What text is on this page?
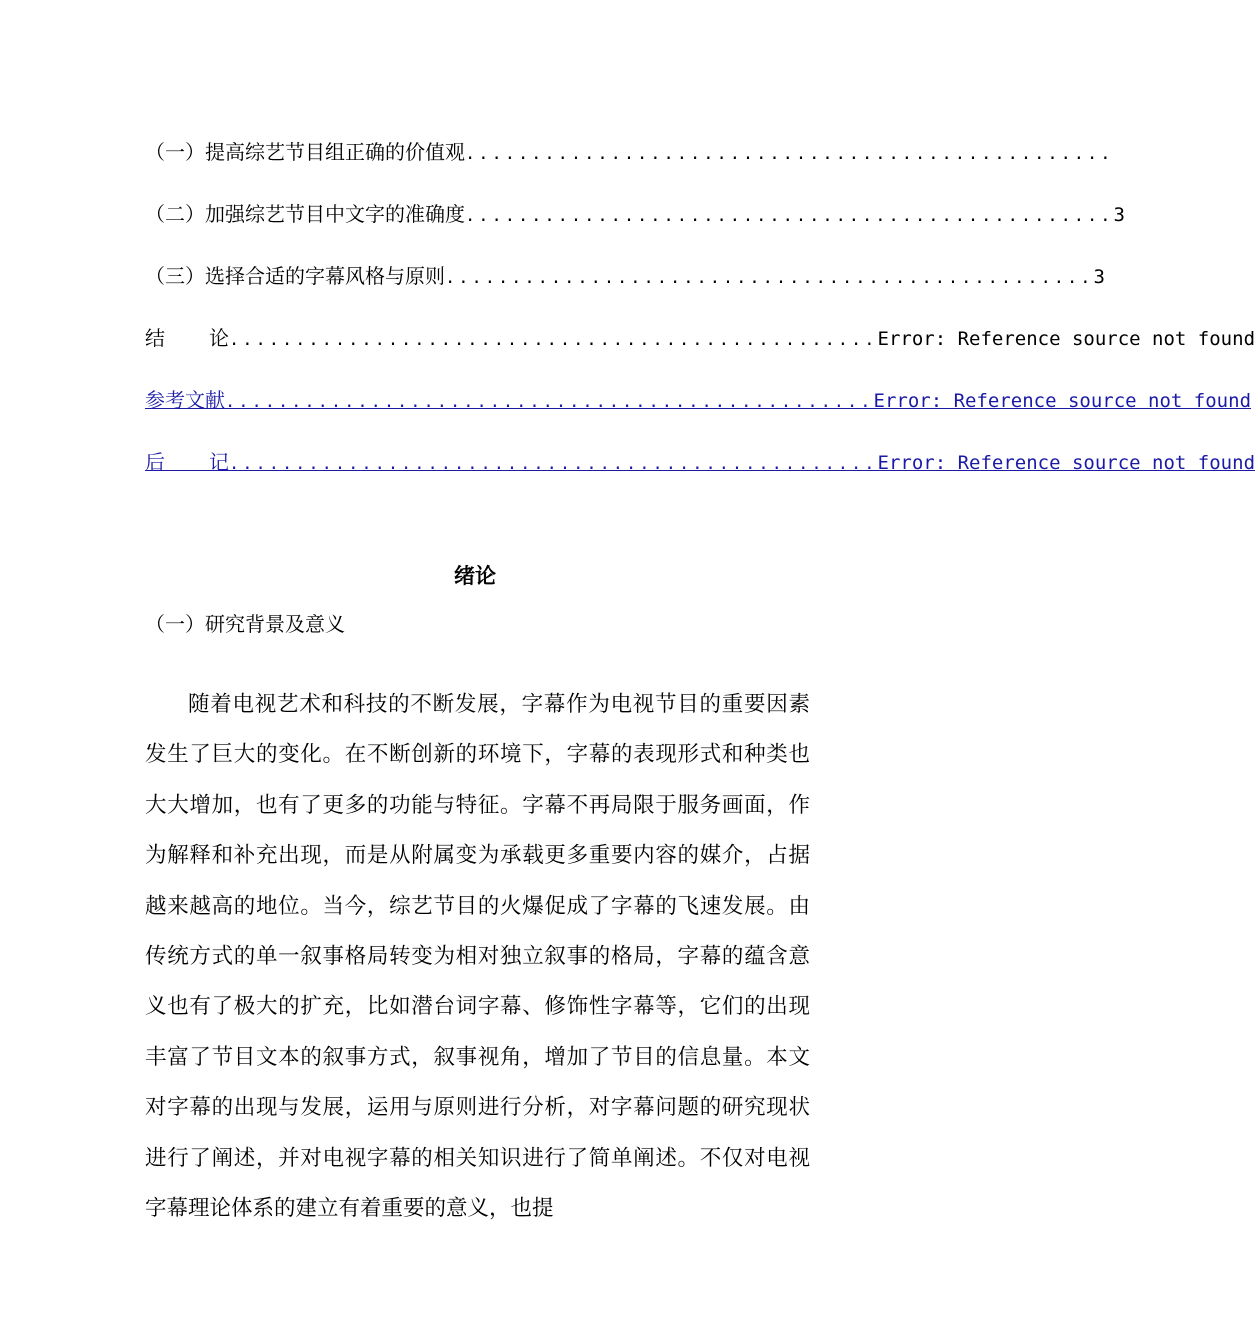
（一）提高综艺节目组正确的价值观 .................................................
（二）加强综艺节目中文字的准确度 ................................................. 3
（三）选择合适的字幕风格与原则 ................................................. 3
结论 ................................................. Error: Reference source not found
参考文献 ................................................. Error: Reference source not found
后记 ................................................. Error: Reference source not found
绪论
（一）研究背景及意义

随着电视艺术和科技的不断发展，字幕作为电视节目的重要因素发生了巨大的变化。在不断创新的环境下，字幕的表现形式和种类也大大增加，也有了更多的功能与特征。字幕不再局限于服务画面，作为解释和补充出现，而是从附属变为承载更多重要内容的媒介，占据越来越高的地位。当今，综艺节目的火爆促成了字幕的飞速发展。由传统方式的单一叙事格局转变为相对独立叙事的格局，字幕的蕴含意义也有了极大的扩充，比如潜台词字幕、修饰性字幕等，它们的出现丰富了节目文本的叙事方式，叙事视角，增加了节目的信息量。本文对字幕的出现与发展，运用与原则进行分析，对字幕问题的研究现状进行了阐述，并对电视字幕的相关知识进行了简单阐述。不仅对电视字幕理论体系的建立有着重要的意义，也提
